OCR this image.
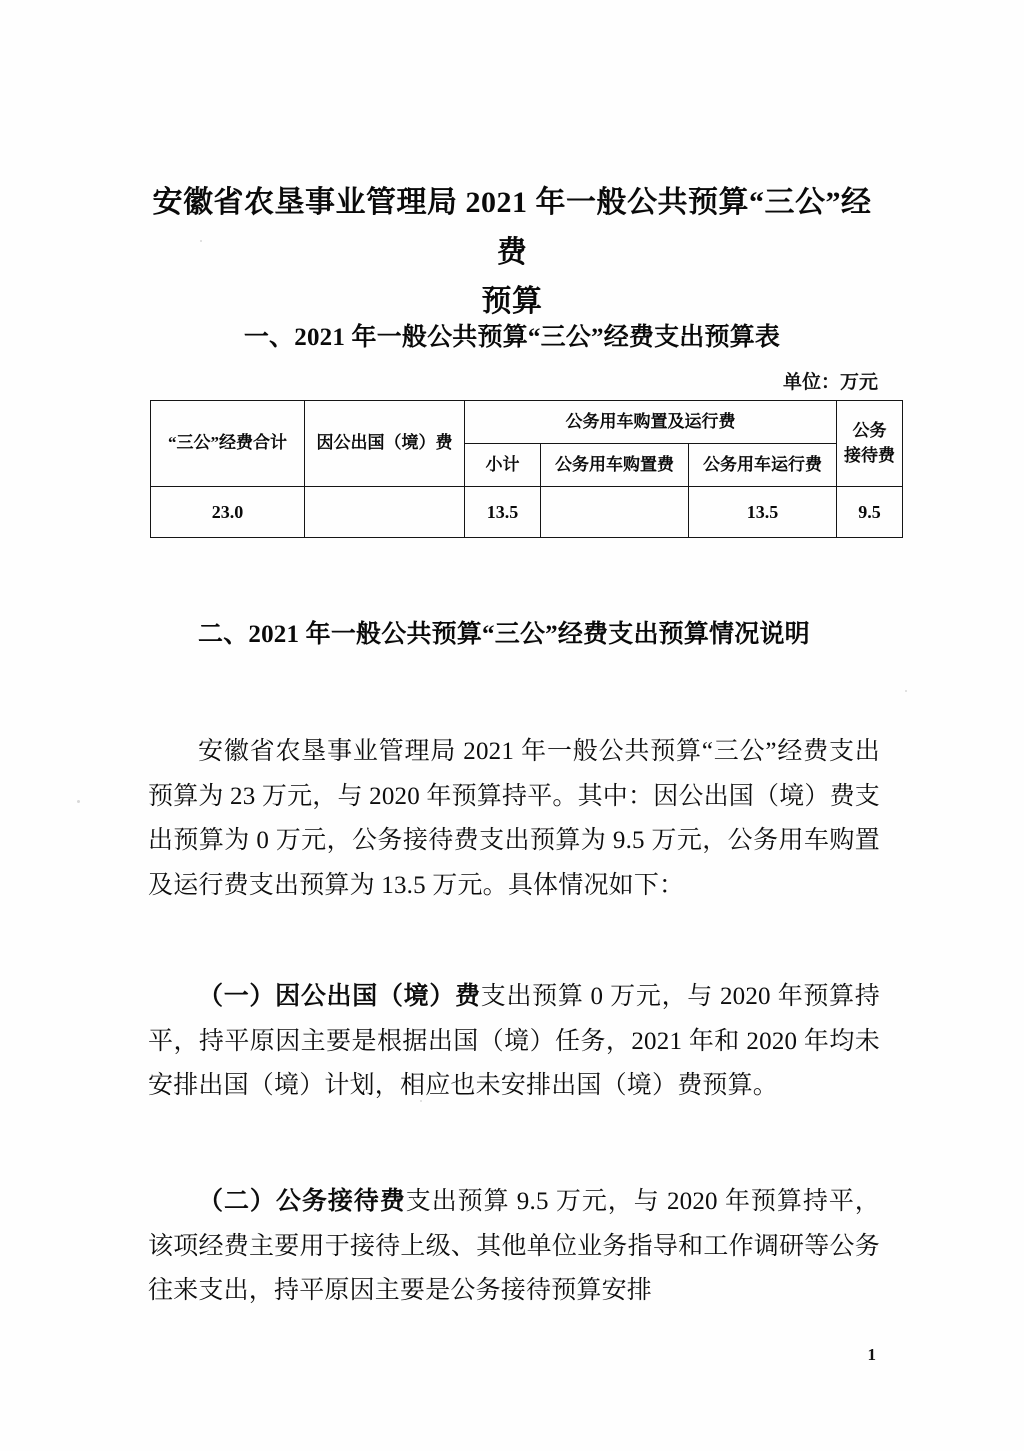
安徽省农垦事业管理局 2021 年一般公共预算“三公”经费
预算
一、2021 年一般公共预算“三公”经费支出预算表
单位：万元
“三公”经费合计	因公出国（境）费	公务用车购置及运行费			公务
接待费
		小计	公务用车购置费	公务用车运行费	
23.0		13.5		13.5	9.5
二、2021 年一般公共预算“三公”经费支出预算情况说明

安徽省农垦事业管理局 2021 年一般公共预算“三公”经费支出预算为 23 万元，与 2020 年预算持平。其中：因公出国（境）费支出预算为 0 万元，公务接待费支出预算为 9.5 万元，公务用车购置及运行费支出预算为 13.5 万元。具体情况如下：

（一）因公出国（境）费支出预算 0 万元，与 2020 年预算持平，持平原因主要是根据出国（境）任务，2021 年和 2020 年均未安排出国（境）计划，相应也未安排出国（境）费预算。

（二）公务接待费支出预算 9.5 万元，与 2020 年预算持平，该项经费主要用于接待上级、其他单位业务指导和工作调研等公务往来支出，持平原因主要是公务接待预算安排

1
